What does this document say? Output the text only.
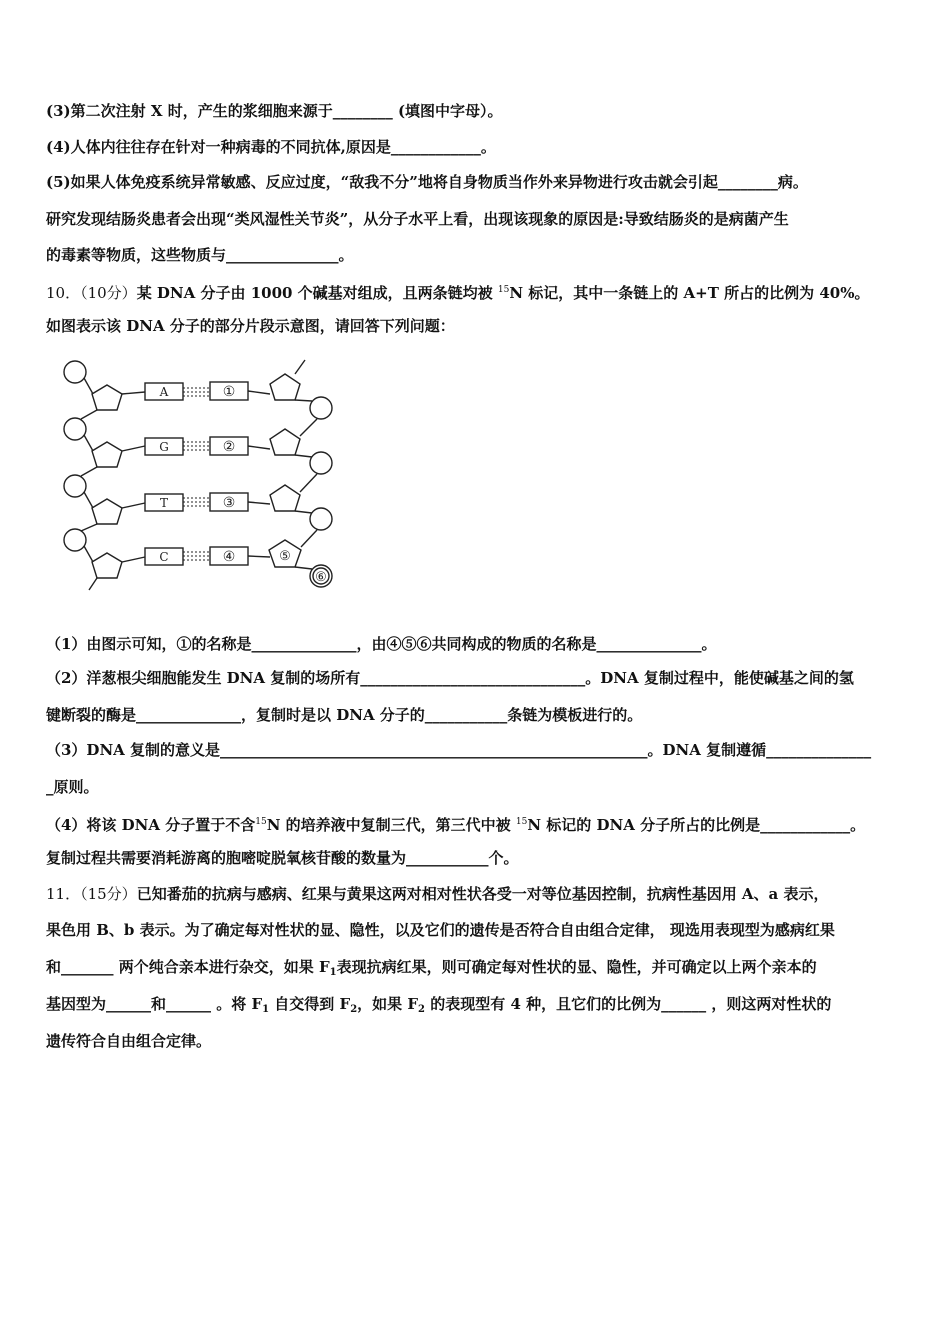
(3)第二次注射 X 时，产生的浆细胞来源于________ (填图中字母）。
(4)人体内往往存在针对一种病毒的不同抗体,原因是____________。
(5)如果人体免疫系统异常敏感、反应过度，“敌我不分”地将自身物质当作外来异物进行攻击就会引起________病。
研究发现结肠炎患者会出现“类风湿性关节炎”，从分子水平上看，出现该现象的原因是:导致结肠炎的是病菌产生
的毒素等物质，这些物质与_______________。
10．（10分）某 DNA 分子由 1000 个碱基对组成，且两条链均被 $^{15}$N 标记，其中一条链上的 A+T 所占的比例为 40%。
如图表示该 DNA 分子的部分片段示意图，请回答下列问题：
A
G
T
C
①
②
③
④	⑤
⑥
（1）由图示可知，①的名称是______________，由④⑤⑥共同构成的物质的名称是______________。
（2）洋葱根尖细胞能发生 DNA 复制的场所有______________________________。DNA 复制过程中，能使碱基之间的氢
键断裂的酶是______________，复制时是以 DNA 分子的___________条链为模板进行的。
（3）DNA 复制的意义是_________________________________________________________。DNA 复制遵循______________
_原则。
（4）将该 DNA 分子置于不含$^{15}$N 的培养液中复制三代，第三代中被 $^{15}$N 标记的 DNA 分子所占的比例是____________。
复制过程共需要消耗游离的胞嘧啶脱氧核苷酸的数量为___________个。
11．（15分）已知番茄的抗病与感病、红果与黄果这两对相对性状各受一对等位基因控制，抗病性基因用 A、a 表示，
果色用 B、b 表示。为了确定每对性状的显、隐性，以及它们的遗传是否符合自由组合定律， 现选用表现型为感病红果
和_______ 两个纯合亲本进行杂交，如果 $F_1$表现抗病红果，则可确定每对性状的显、隐性，并可确定以上两个亲本的
基因型为______和______ 。将 $F_1$ 自交得到 $F_2$，如果 $F_2$ 的表现型有 4 种，且它们的比例为______ ，则这两对性状的
遗传符合自由组合定律。
